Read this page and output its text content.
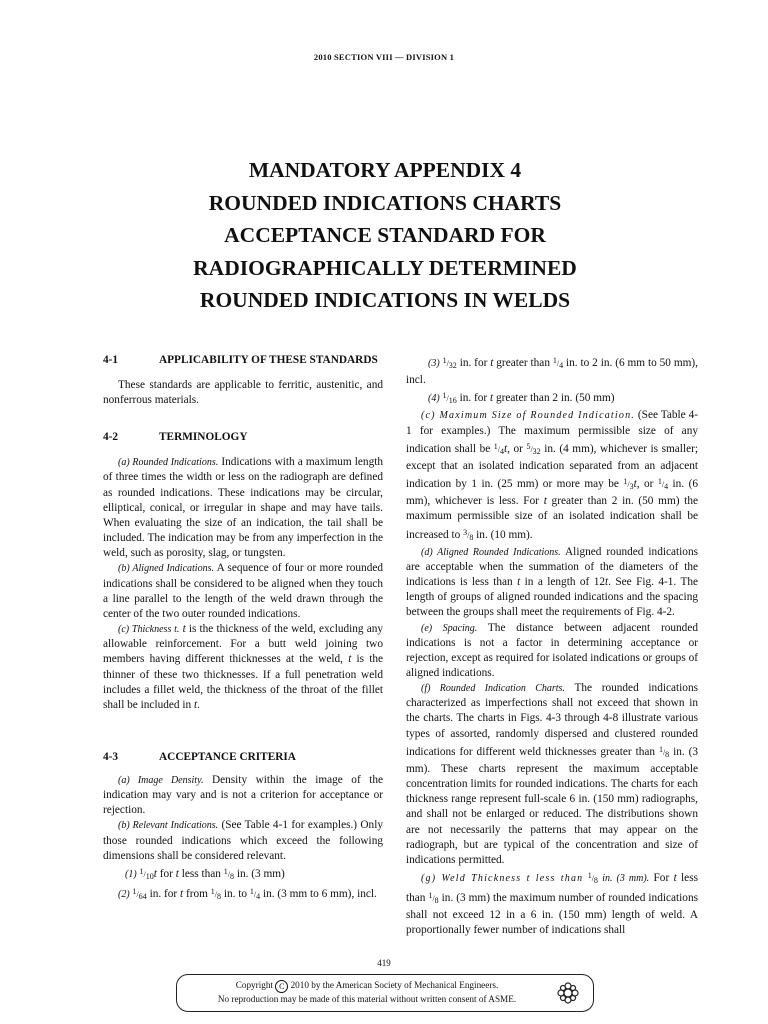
2010 SECTION VIII — DIVISION 1
MANDATORY APPENDIX 4
ROUNDED INDICATIONS CHARTS
ACCEPTANCE STANDARD FOR
RADIOGRAPHICALLY DETERMINED
ROUNDED INDICATIONS IN WELDS
4-1	APPLICABILITY OF THESE STANDARDS

These standards are applicable to ferritic, austenitic, and nonferrous materials.

4-2	TERMINOLOGY

(a) Rounded Indications. Indications with a maximum length of three times the width or less on the radiograph are defined as rounded indications. These indications may be circular, elliptical, conical, or irregular in shape and may have tails. When evaluating the size of an indication, the tail shall be included. The indication may be from any imperfection in the weld, such as porosity, slag, or tungsten.

(b) Aligned Indications. A sequence of four or more rounded indications shall be considered to be aligned when they touch a line parallel to the length of the weld drawn through the center of the two outer rounded indications.

(c) Thickness t. t is the thickness of the weld, excluding any allowable reinforcement. For a butt weld joining two members having different thicknesses at the weld, t is the thinner of these two thicknesses. If a full penetration weld includes a fillet weld, the thickness of the throat of the fillet shall be included in t.

4-3	ACCEPTANCE CRITERIA

(a) Image Density. Density within the image of the indication may vary and is not a criterion for acceptance or rejection.

(b) Relevant Indications. (See Table 4-1 for examples.) Only those rounded indications which exceed the following dimensions shall be considered relevant.

(1) 1/10t for t less than 1/8 in. (3 mm)

(2) 1/64 in. for t from 1/8 in. to 1/4 in. (3 mm to 6 mm), incl.

(3) 1/32 in. for t greater than 1/4 in. to 2 in. (6 mm to 50 mm), incl.

(4) 1/16 in. for t greater than 2 in. (50 mm)

(c) Maximum Size of Rounded Indication. (See Table 4-1 for examples.) The maximum permissible size of any indication shall be 1/4t, or 5/32 in. (4 mm), whichever is smaller; except that an isolated indication separated from an adjacent indication by 1 in. (25 mm) or more may be 1/3t, or 1/4 in. (6 mm), whichever is less. For t greater than 2 in. (50 mm) the maximum permissible size of an isolated indication shall be increased to 3/8 in. (10 mm).

(d) Aligned Rounded Indications. Aligned rounded indications are acceptable when the summation of the diameters of the indications is less than t in a length of 12t. See Fig. 4-1. The length of groups of aligned rounded indications and the spacing between the groups shall meet the requirements of Fig. 4-2.

(e) Spacing. The distance between adjacent rounded indications is not a factor in determining acceptance or rejection, except as required for isolated indications or groups of aligned indications.

(f) Rounded Indication Charts. The rounded indications characterized as imperfections shall not exceed that shown in the charts. The charts in Figs. 4-3 through 4-8 illustrate various types of assorted, randomly dispersed and clustered rounded indications for different weld thicknesses greater than 1/8 in. (3 mm). These charts represent the maximum acceptable concentration limits for rounded indications. The charts for each thickness range represent full-scale 6 in. (150 mm) radiographs, and shall not be enlarged or reduced. The distributions shown are not necessarily the patterns that may appear on the radiograph, but are typical of the concentration and size of indications permitted.

(g) Weld Thickness t less than 1/8 in. (3 mm). For t less than 1/8 in. (3 mm) the maximum number of rounded indications shall not exceed 12 in a 6 in. (150 mm) length of weld. A proportionally fewer number of indications shall

419
Copyright C 2010 by the American Society of Mechanical Engineers.
No reproduction may be made of this material without written consent of ASME.
